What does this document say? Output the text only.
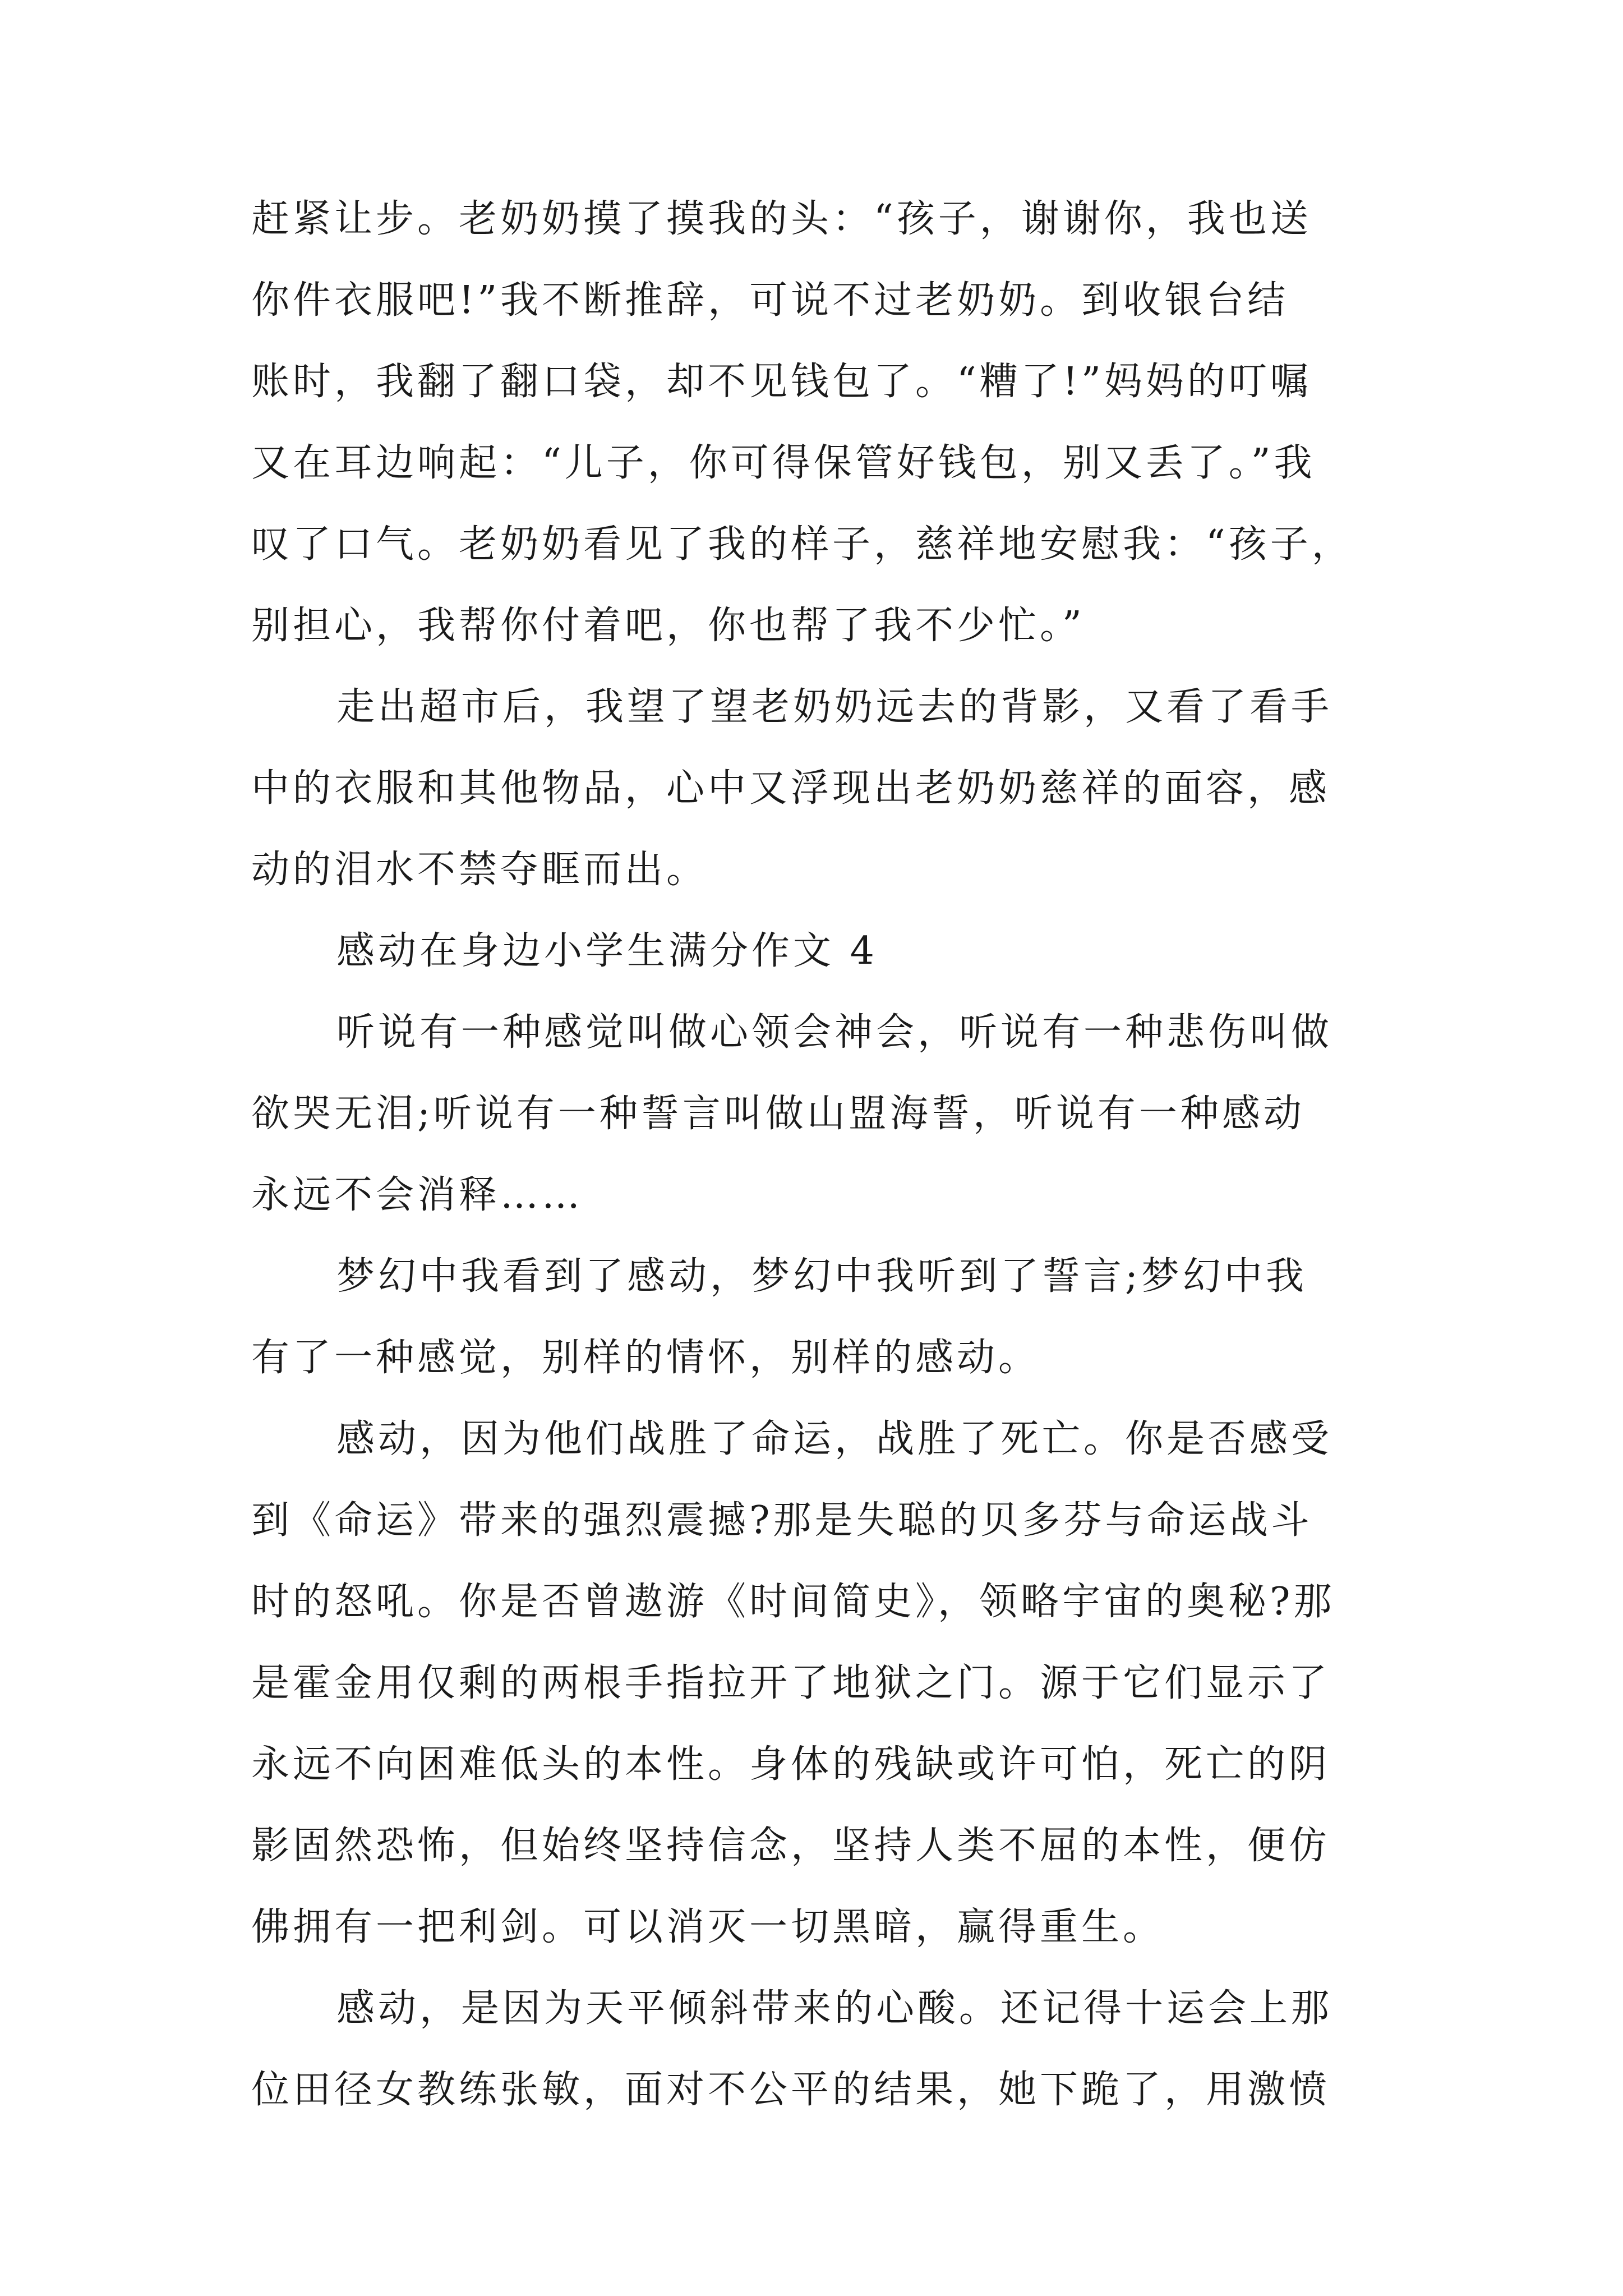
赶紧让步。老奶奶摸了摸我的头：“孩子，谢谢你，我也送
你件衣服吧!”我不断推辞，可说不过老奶奶。到收银台结
账时，我翻了翻口袋，却不见钱包了。“糟了!”妈妈的叮嘱
又在耳边响起：“儿子，你可得保管好钱包，别又丢了。”我
叹了口气。老奶奶看见了我的样子，慈祥地安慰我：“孩子，
别担心，我帮你付着吧，你也帮了我不少忙。”
走出超市后，我望了望老奶奶远去的背影，又看了看手
中的衣服和其他物品，心中又浮现出老奶奶慈祥的面容，感
动的泪水不禁夺眶而出。
感动在身边小学生满分作文 4
听说有一种感觉叫做心领会神会，听说有一种悲伤叫做
欲哭无泪;听说有一种誓言叫做山盟海誓，听说有一种感动
永远不会消释……
梦幻中我看到了感动，梦幻中我听到了誓言;梦幻中我
有了一种感觉，别样的情怀，别样的感动。
感动，因为他们战胜了命运，战胜了死亡。你是否感受
到《命运》带来的强烈震撼?那是失聪的贝多芬与命运战斗
时的怒吼。你是否曾遨游《时间简史》，领略宇宙的奥秘?那
是霍金用仅剩的两根手指拉开了地狱之门。源于它们显示了
永远不向困难低头的本性。身体的残缺或许可怕，死亡的阴
影固然恐怖，但始终坚持信念，坚持人类不屈的本性，便仿
佛拥有一把利剑。可以消灭一切黑暗，赢得重生。
感动，是因为天平倾斜带来的心酸。还记得十运会上那
位田径女教练张敏，面对不公平的结果，她下跪了，用激愤
